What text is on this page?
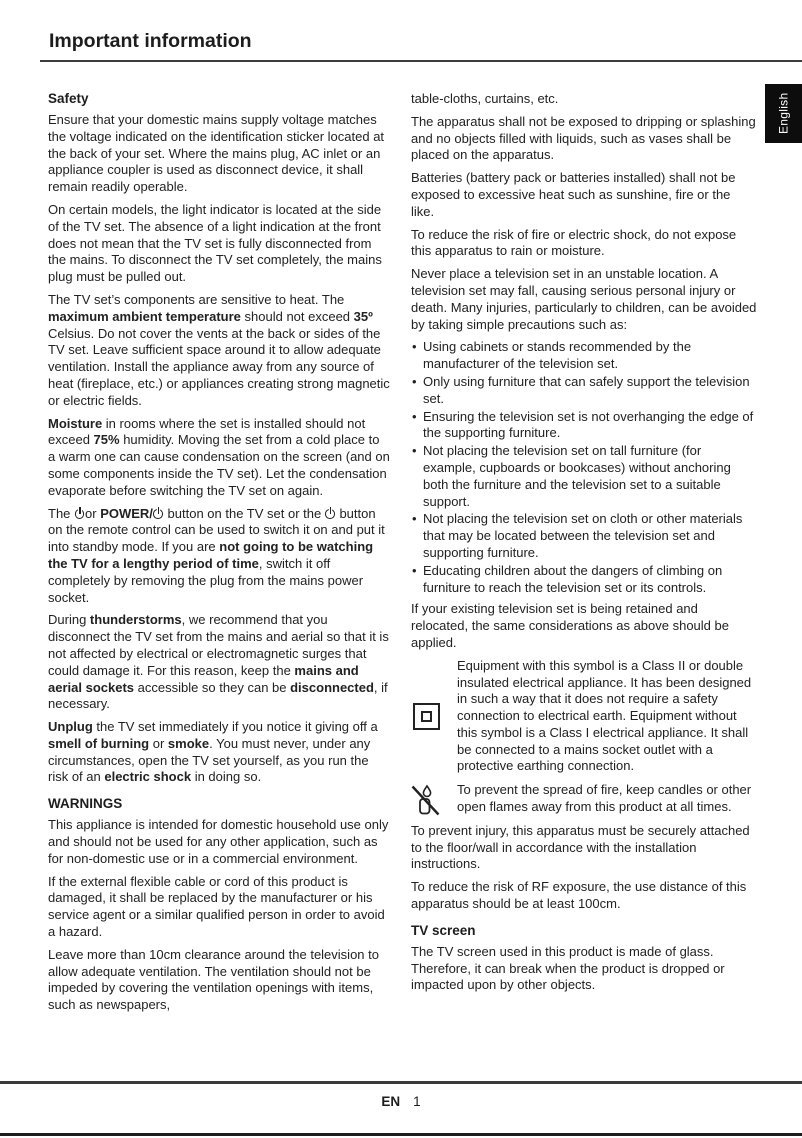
Important information
English
Safety

Ensure that your domestic mains supply voltage matches the voltage indicated on the identification sticker located at the back of your set. Where the mains plug, AC inlet or an appliance coupler is used as disconnect device, it shall remain readily operable.

On certain models, the light indicator is located at the side of the TV set. The absence of a light indication at the front does not mean that the TV set is fully disconnected from the mains. To disconnect the TV set completely, the mains plug must be pulled out.

The TV set’s components are sensitive to heat. The maximum ambient temperature should not exceed 35º Celsius. Do not cover the vents at the back or sides of the TV set. Leave sufficient space around it to allow adequate ventilation. Install the appliance away from any source of heat (fireplace, etc.) or appliances creating strong magnetic or electric fields.

Moisture in rooms where the set is installed should not exceed 75% humidity. Moving the set from a cold place to a warm one can cause condensation on the screen (and on some components inside the TV set). Let the condensation evaporate before switching the TV set on again.

The or POWER/ button on the TV set or the  button on the remote control can be used to switch it on and put it into standby mode. If you are not going to be watching the TV for a lengthy period of time, switch it off completely by removing the plug from the mains power socket.

During thunderstorms, we recommend that you disconnect the TV set from the mains and aerial so that it is not affected by electrical or electromagnetic surges that could damage it. For this reason, keep the mains and aerial sockets accessible so they can be disconnected, if necessary.

Unplug the TV set immediately if you notice it giving off a smell of burning or smoke. You must never, under any circumstances, open the TV set yourself, as you run the risk of an electric shock in doing so.

WARNINGS

This appliance is intended for domestic household use only and should not be used for any other application, such as for non-domestic use or in a commercial environment.

If the external flexible cable or cord of this product is damaged, it shall be replaced by the manufacturer or his service agent or a similar qualified person in order to avoid a hazard.

Leave more than 10cm clearance around the television to allow adequate ventilation. The ventilation should not be impeded by covering the ventilation openings with items, such as newspapers,

table-cloths, curtains, etc.

The apparatus shall not be exposed to dripping or splashing and no objects filled with liquids, such as vases shall be placed on the apparatus.

Batteries (battery pack or batteries installed) shall not be exposed to excessive heat such as sunshine, fire or the like.

To reduce the risk of fire or electric shock, do not expose this apparatus to rain or moisture.

Never place a television set in an unstable location. A television set may fall, causing serious personal injury or death. Many injuries, particularly to children, can be avoided by taking simple precautions such as:

• Using cabinets or stands recommended by the manufacturer of the television set.
• Only using furniture that can safely support the television set.
• Ensuring the television set is not overhanging the edge of the supporting furniture.
• Not placing the television set on tall furniture (for example, cupboards or bookcases) without anchoring both the furniture and the television set to a suitable support.
• Not placing the television set on cloth or other materials that may be located between the television set and supporting furniture.
• Educating children about the dangers of climbing on furniture to reach the television set or its controls.

If your existing television set is being retained and relocated, the same considerations as above should be applied.

Equipment with this symbol is a Class II or double insulated electrical appliance. It has been designed in such a way that it does not require a safety connection to electrical earth. Equipment without this symbol is a Class I electrical appliance. It shall be connected to a mains socket outlet with a protective earthing connection.

To prevent the spread of fire, keep candles or other open flames away from this product at all times.

To prevent injury, this apparatus must be securely attached to the floor/wall in accordance with the installation instructions.

To reduce the risk of RF exposure, the use distance of this apparatus should be at least 100cm.

TV screen

The TV screen used in this product is made of glass. Therefore, it can break when the product is dropped or impacted upon by other objects.

EN 1
